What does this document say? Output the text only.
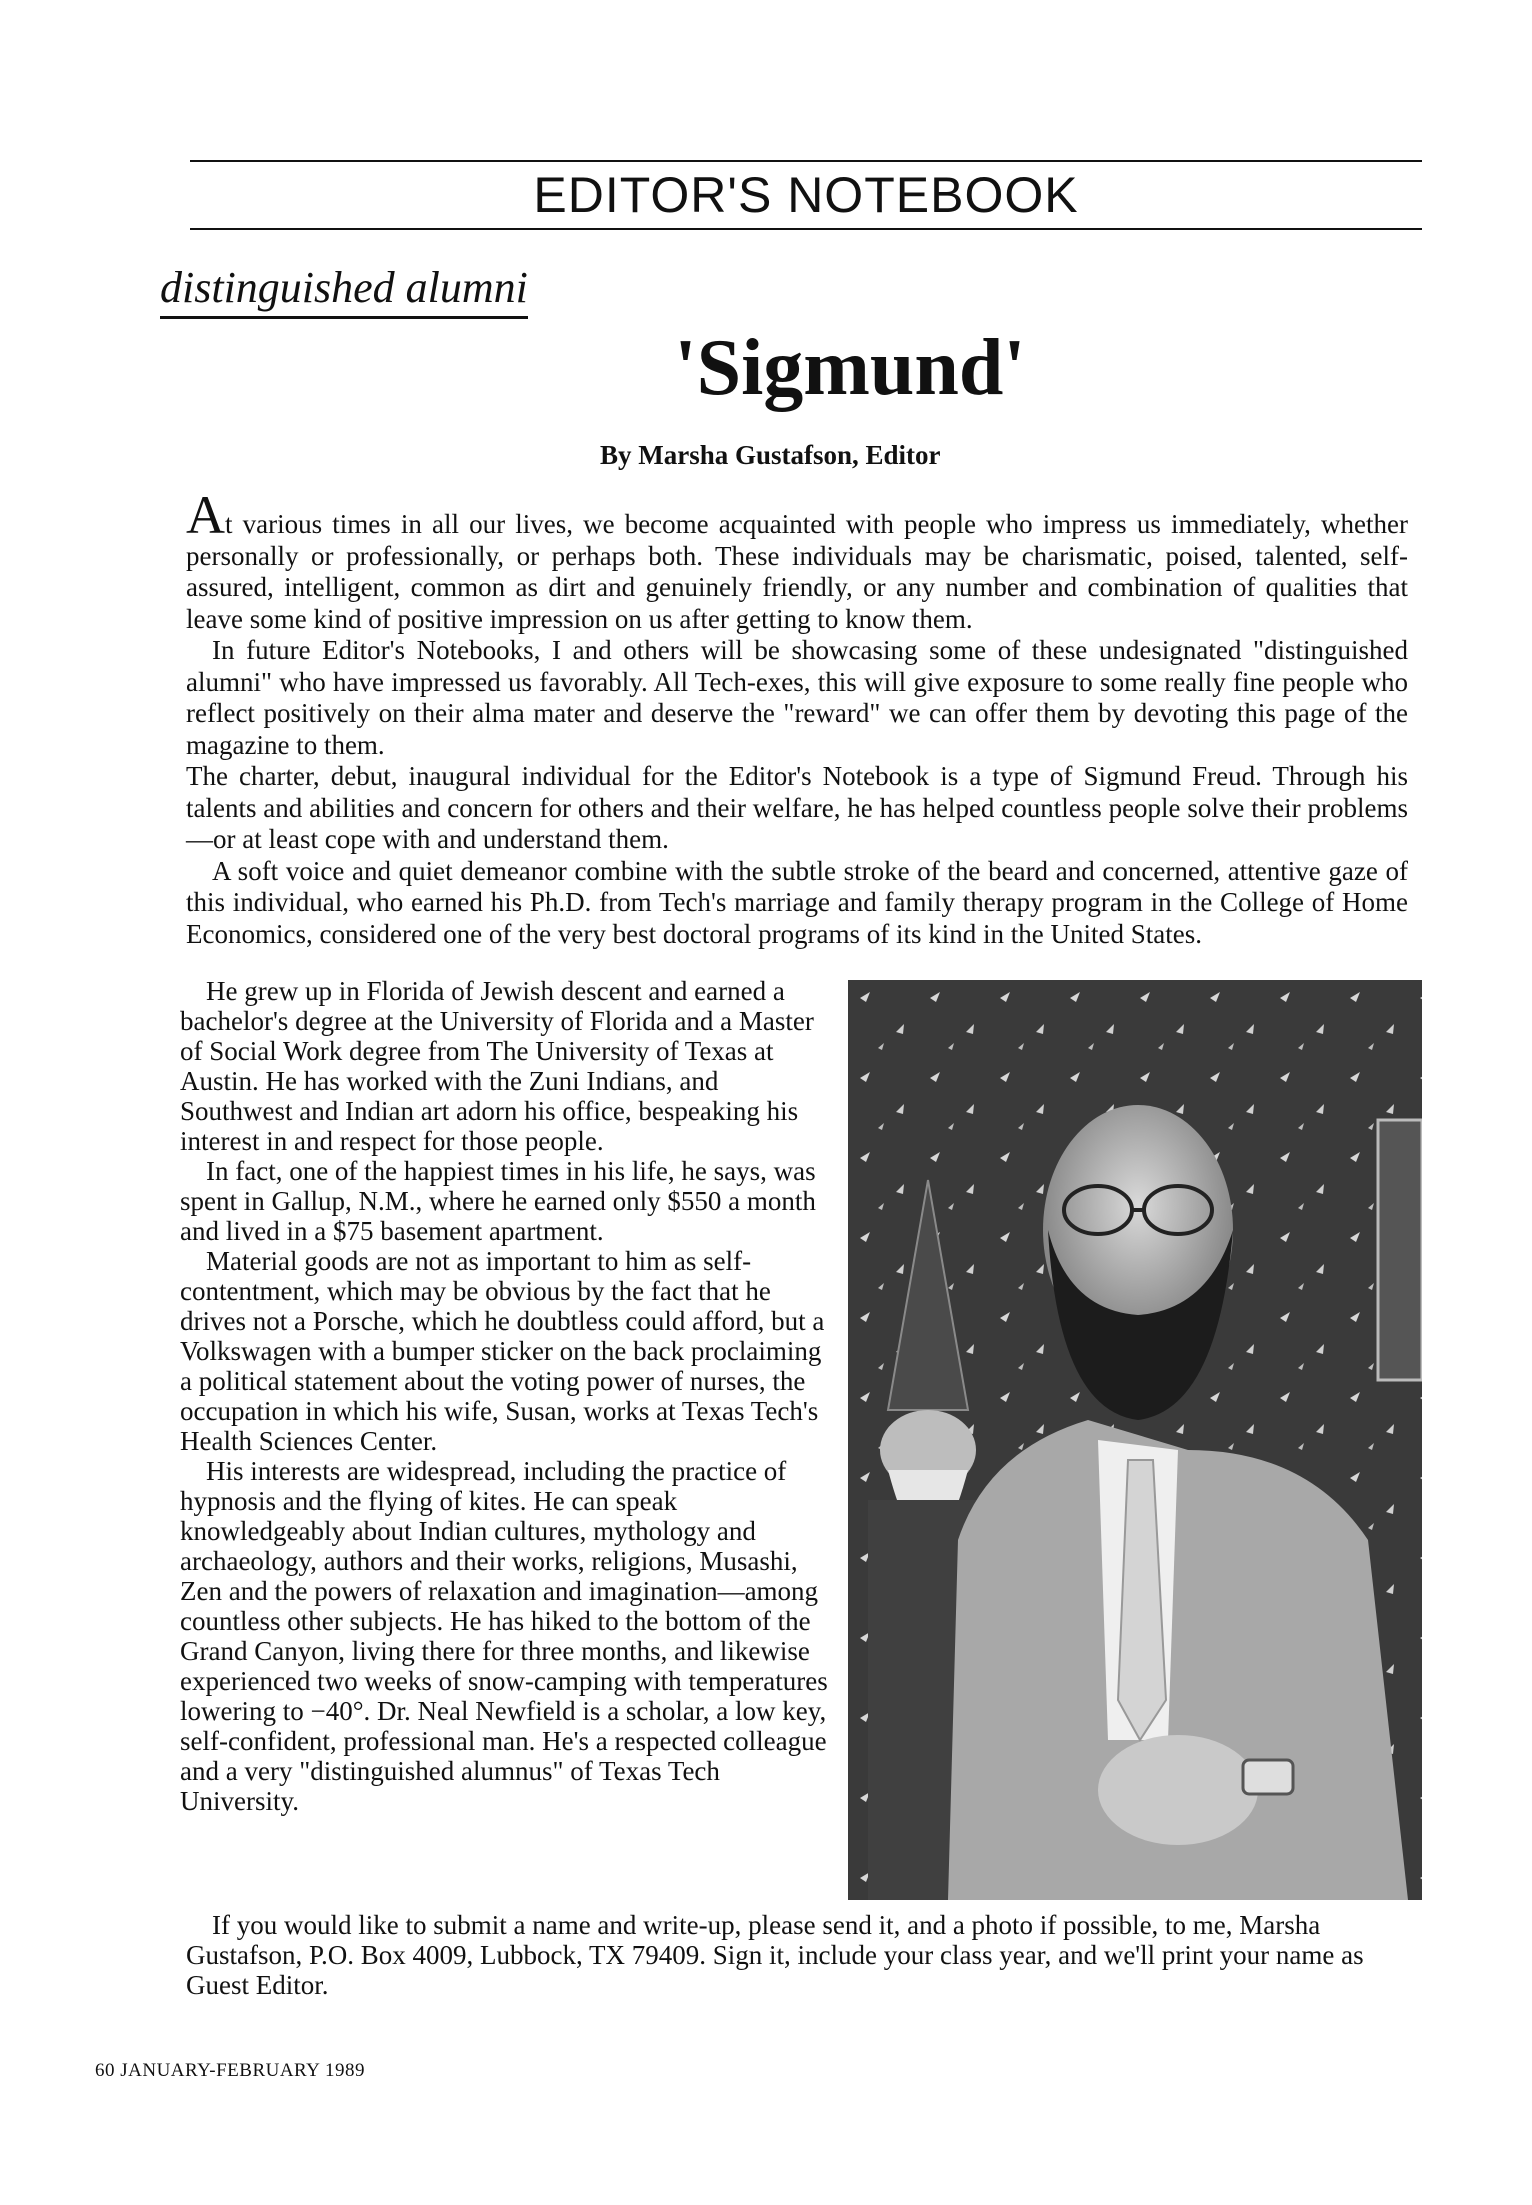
EDITOR'S NOTEBOOK
distinguished alumni
'Sigmund'
By Marsha Gustafson, Editor

At various times in all our lives, we become acquainted with people who impress us immediately, whether personally or professionally, or perhaps both. These individuals may be charismatic, poised, talented, self-assured, intelligent, common as dirt and genuinely friendly, or any number and combination of qualities that leave some kind of positive impression on us after getting to know them.

In future Editor's Notebooks, I and others will be showcasing some of these undesignated "distinguished alumni" who have impressed us favorably. All Tech-exes, this will give exposure to some really fine people who reflect positively on their alma mater and deserve the "reward" we can offer them by devoting this page of the magazine to them.

The charter, debut, inaugural individual for the Editor's Notebook is a type of Sigmund Freud. Through his talents and abilities and concern for others and their welfare, he has helped countless people solve their problems—or at least cope with and understand them.

A soft voice and quiet demeanor combine with the subtle stroke of the beard and concerned, attentive gaze of this individual, who earned his Ph.D. from Tech's marriage and family therapy program in the College of Home Economics, considered one of the very best doctoral programs of its kind in the United States.

He grew up in Florida of Jewish descent and earned a bachelor's degree at the University of Florida and a Master of Social Work degree from The University of Texas at Austin. He has worked with the Zuni Indians, and Southwest and Indian art adorn his office, bespeaking his interest in and respect for those people.

In fact, one of the happiest times in his life, he says, was spent in Gallup, N.M., where he earned only $550 a month and lived in a $75 basement apartment.

Material goods are not as important to him as self-contentment, which may be obvious by the fact that he drives not a Porsche, which he doubtless could afford, but a Volkswagen with a bumper sticker on the back proclaiming a political statement about the voting power of nurses, the occupation in which his wife, Susan, works at Texas Tech's Health Sciences Center.

His interests are widespread, including the practice of hypnosis and the flying of kites. He can speak knowledgeably about Indian cultures, mythology and archaeology, authors and their works, religions, Musashi, Zen and the powers of relaxation and imagination—among countless other subjects. He has hiked to the bottom of the Grand Canyon, living there for three months, and likewise experienced two weeks of snow-camping with temperatures lowering to −40°. Dr. Neal Newfield is a scholar, a low key, self-confident, professional man. He's a respected colleague and a very "distinguished alumnus" of Texas Tech University.

If you would like to submit a name and write-up, please send it, and a photo if possible, to me, Marsha Gustafson, P.O. Box 4009, Lubbock, TX 79409. Sign it, include your class year, and we'll print your name as Guest Editor.

60 JANUARY-FEBRUARY 1989
